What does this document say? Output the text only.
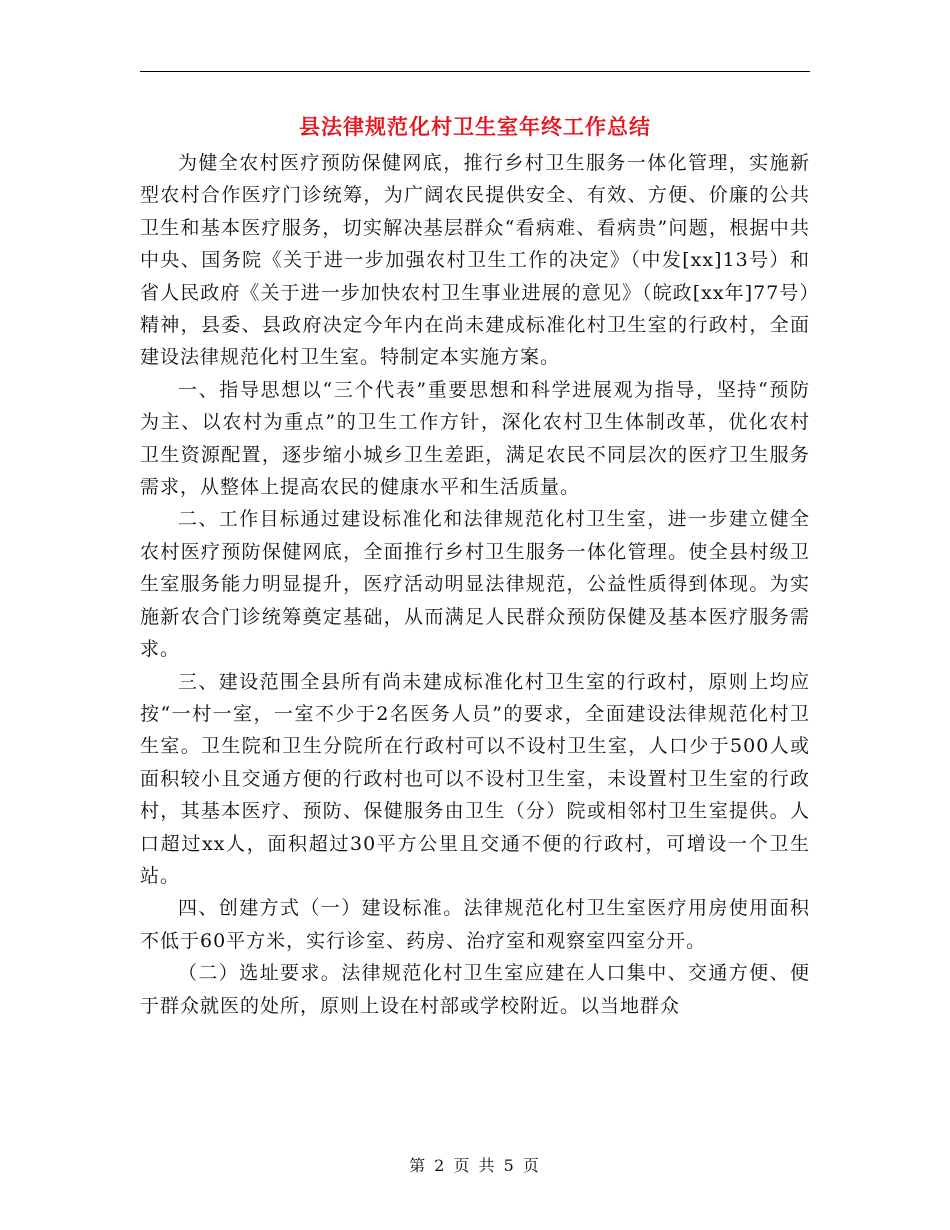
县法律规范化村卫生室年终工作总结

为健全农村医疗预防保健网底，推行乡村卫生服务一体化管理，实施新型农村合作医疗门诊统筹，为广阔农民提供安全、有效、方便、价廉的公共卫生和基本医疗服务，切实解决基层群众“看病难、看病贵”问题，根据中共中央、国务院《关于进一步加强农村卫生工作的决定》（中发[xx]13号）和省人民政府《关于进一步加快农村卫生事业进展的意见》（皖政[xx年]77号）精神，县委、县政府决定今年内在尚未建成标准化村卫生室的行政村，全面建设法律规范化村卫生室。特制定本实施方案。

一、指导思想以“三个代表”重要思想和科学进展观为指导，坚持“预防为主、以农村为重点”的卫生工作方针，深化农村卫生体制改革，优化农村卫生资源配置，逐步缩小城乡卫生差距，满足农民不同层次的医疗卫生服务需求，从整体上提高农民的健康水平和生活质量。

二、工作目标通过建设标准化和法律规范化村卫生室，进一步建立健全农村医疗预防保健网底，全面推行乡村卫生服务一体化管理。使全县村级卫生室服务能力明显提升，医疗活动明显法律规范，公益性质得到体现。为实施新农合门诊统筹奠定基础，从而满足人民群众预防保健及基本医疗服务需求。

三、建设范围全县所有尚未建成标准化村卫生室的行政村，原则上均应按“一村一室，一室不少于2名医务人员”的要求，全面建设法律规范化村卫生室。卫生院和卫生分院所在行政村可以不设村卫生室，人口少于500人或面积较小且交通方便的行政村也可以不设村卫生室，未设置村卫生室的行政村，其基本医疗、预防、保健服务由卫生（分）院或相邻村卫生室提供。人口超过xx人，面积超过30平方公里且交通不便的行政村，可增设一个卫生站。

四、创建方式（一）建设标准。法律规范化村卫生室医疗用房使用面积不低于60平方米，实行诊室、药房、治疗室和观察室四室分开。

（二）选址要求。法律规范化村卫生室应建在人口集中、交通方便、便于群众就医的处所，原则上设在村部或学校附近。以当地群众

第 2 页 共 5 页
